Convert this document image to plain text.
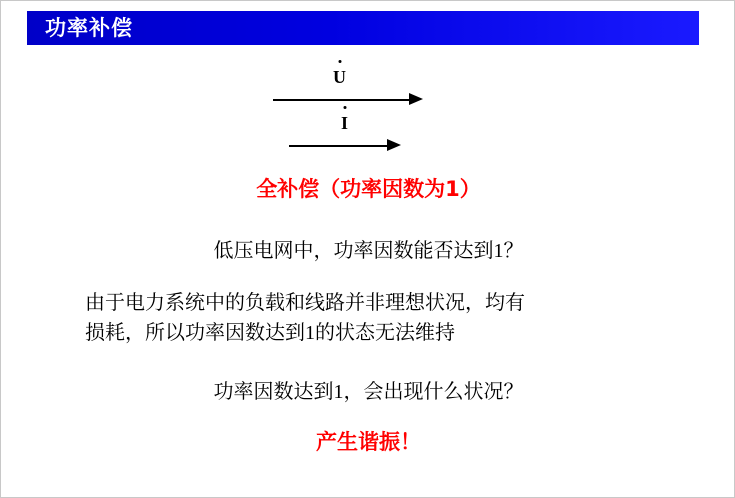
功率补偿
U
I
全补偿（功率因数为1）
低压电网中，功率因数能否达到1？
由于电力系统中的负载和线路并非理想状况，均有
损耗，所以功率因数达到1的状态无法维持
功率因数达到1，会出现什么状况？
产生谐振！
